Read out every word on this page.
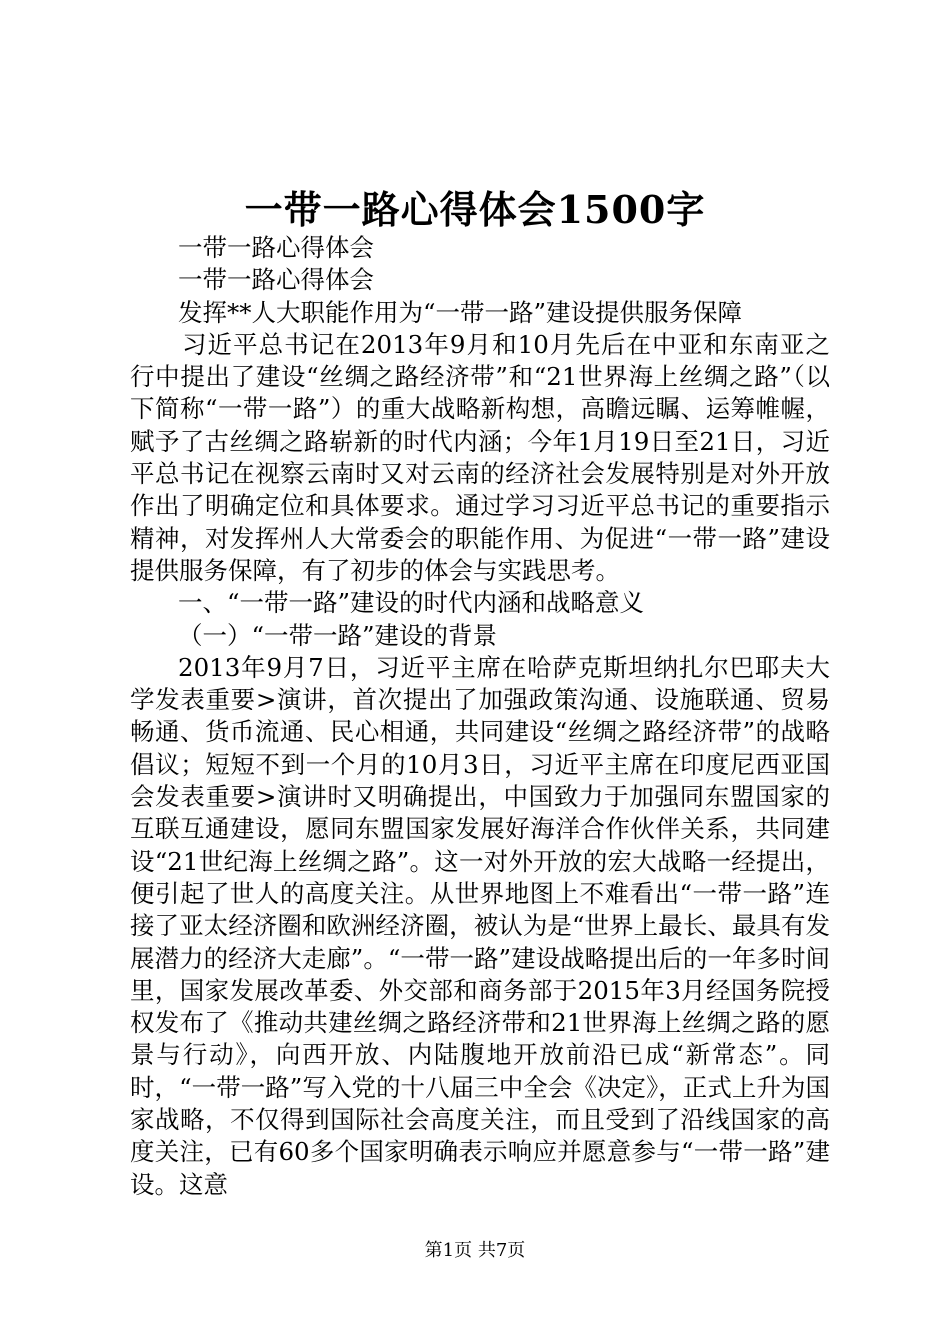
一带一路心得体会1500字

一带一路心得体会

一带一路心得体会

发挥**人大职能作用为“一带一路”建设提供服务保障

习近平总书记在2013年9月和10月先后在中亚和东南亚之行中提出了建设“丝绸之路经济带”和“21世界海上丝绸之路”（以下简称“一带一路”）的重大战略新构想，高瞻远瞩、运筹帷幄，赋予了古丝绸之路崭新的时代内涵；今年1月19日至21日，习近平总书记在视察云南时又对云南的经济社会发展特别是对外开放作出了明确定位和具体要求。通过学习习近平总书记的重要指示精神，对发挥州人大常委会的职能作用、为促进“一带一路”建设提供服务保障，有了初步的体会与实践思考。

一、“一带一路”建设的时代内涵和战略意义

（一）“一带一路”建设的背景

2013年9月7日，习近平主席在哈萨克斯坦纳扎尔巴耶夫大学发表重要>演讲，首次提出了加强政策沟通、设施联通、贸易畅通、货币流通、民心相通，共同建设“丝绸之路经济带”的战略倡议；短短不到一个月的10月3日，习近平主席在印度尼西亚国会发表重要>演讲时又明确提出，中国致力于加强同东盟国家的互联互通建设，愿同东盟国家发展好海洋合作伙伴关系，共同建设“21世纪海上丝绸之路”。这一对外开放的宏大战略一经提出，便引起了世人的高度关注。从世界地图上不难看出“一带一路”连接了亚太经济圈和欧洲经济圈，被认为是“世界上最长、最具有发展潜力的经济大走廊”。“一带一路”建设战略提出后的一年多时间里，国家发展改革委、外交部和商务部于2015年3月经国务院授权发布了《推动共建丝绸之路经济带和21世界海上丝绸之路的愿景与行动》，向西开放、内陆腹地开放前沿已成“新常态”。同时，“一带一路”写入党的十八届三中全会《决定》，正式上升为国家战略，不仅得到国际社会高度关注，而且受到了沿线国家的高度关注，已有60多个国家明确表示响应并愿意参与“一带一路”建设。这意

第1页 共7页
